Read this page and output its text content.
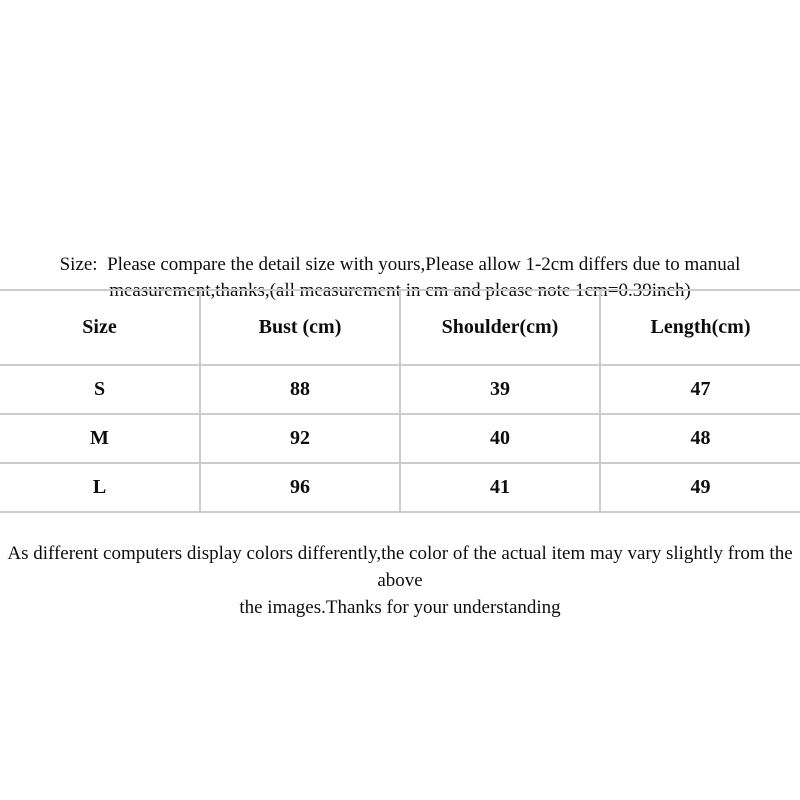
Size:  Please compare the detail size with yours,Please allow 1-2cm differs due to manual
measurement,thanks,(all measurement in cm and please note 1cm=0.39inch)

Size	Bust (cm)	Shoulder(cm)	Length(cm)
S	88	39	47
M	92	40	48
L	96	41	49

As different computers display colors differently,the color of the actual item may vary slightly from the above
the images.Thanks for your understanding
